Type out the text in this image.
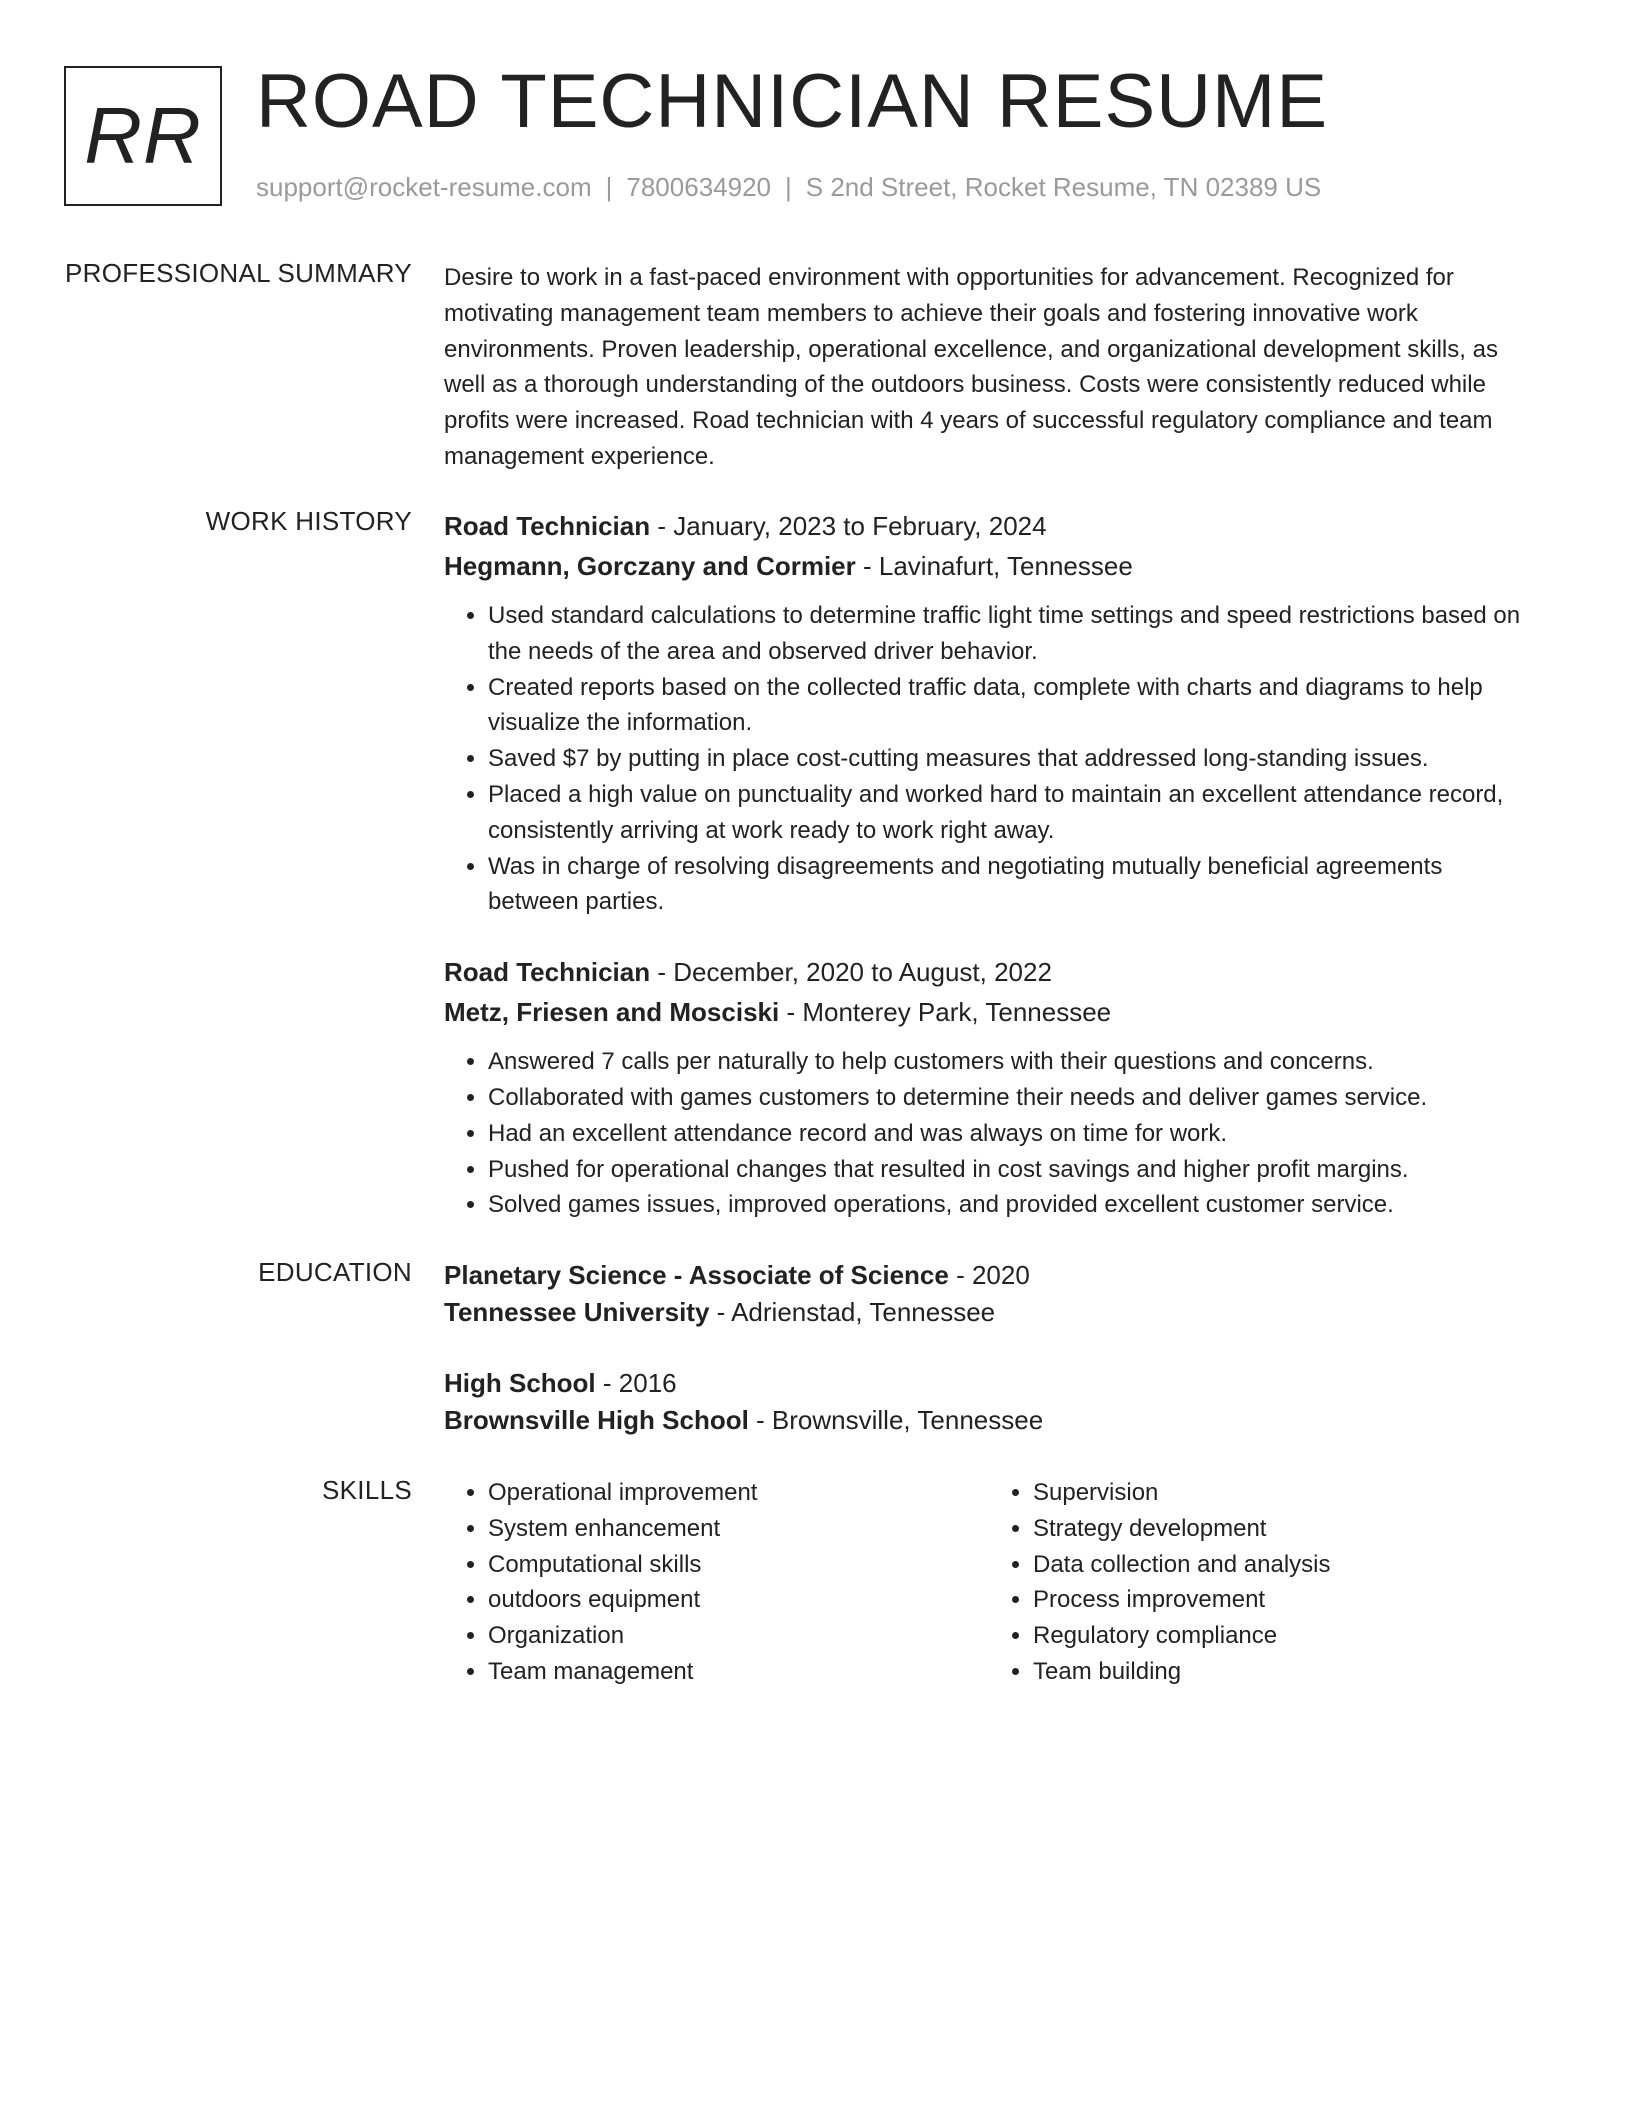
RR ROAD TECHNICIAN RESUME
support@rocket-resume.com | 7800634920 | S 2nd Street, Rocket Resume, TN 02389 US
PROFESSIONAL SUMMARY Desire to work in a fast-paced environment with opportunities for advancement. Recognized for motivating management team members to achieve their goals and fostering innovative work environments. Proven leadership, operational excellence, and organizational development skills, as well as a thorough understanding of the outdoors business. Costs were consistently reduced while profits were increased. Road technician with 4 years of successful regulatory compliance and team management experience.

WORK HISTORY Road Technician - January, 2023 to February, 2024
Hegmann, Gorczany and Cormier - Lavinafurt, Tennessee
• Used standard calculations to determine traffic light time settings and speed restrictions based on the needs of the area and observed driver behavior.
• Created reports based on the collected traffic data, complete with charts and diagrams to help visualize the information.
• Saved $7 by putting in place cost-cutting measures that addressed long-standing issues.
• Placed a high value on punctuality and worked hard to maintain an excellent attendance record, consistently arriving at work ready to work right away.
• Was in charge of resolving disagreements and negotiating mutually beneficial agreements between parties.
Road Technician - December, 2020 to August, 2022
Metz, Friesen and Mosciski - Monterey Park, Tennessee
• Answered 7 calls per naturally to help customers with their questions and concerns.
• Collaborated with games customers to determine their needs and deliver games service.
• Had an excellent attendance record and was always on time for work.
• Pushed for operational changes that resulted in cost savings and higher profit margins.
• Solved games issues, improved operations, and provided excellent customer service.
EDUCATION Planetary Science - Associate of Science - 2020
Tennessee University - Adrienstad, Tennessee
High School - 2016
Brownsville High School - Brownsville, Tennessee
SKILLS
•	Operational improvement
• System enhancement
• Computational skills
• outdoors equipment
• Organization
• Team management
• Supervision
• Strategy development
• Data collection and analysis
• Process improvement
• Regulatory compliance
• Team building
